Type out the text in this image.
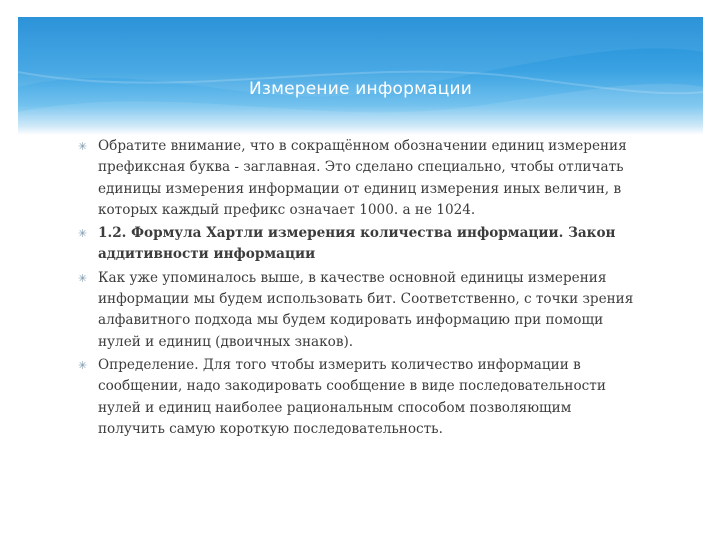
Измерение информации
✳ Обратите внимание, что в сокращённом обозначении единиц измерения префиксная буква - заглавная. Это сделано специально, чтобы отличать единицы измерения информации от единиц измерения иных величин, в которых каждый префикс означает 1000. а не 1024.
✳ 1.2. Формула Хартли измерения количества информации. Закон аддитивности информации
✳ Как уже упоминалось выше, в качестве основной единицы измерения информации мы будем использовать бит. Соответственно, с точки зрения алфавитного подхода мы будем кодировать информацию при помощи нулей и единиц (двоичных знаков).
✳ Определение. Для того чтобы измерить количество информации в сообщении, надо закодировать сообщение в виде последовательности нулей и единиц наиболее рациональным способом позволяющим получить самую короткую последовательность.
